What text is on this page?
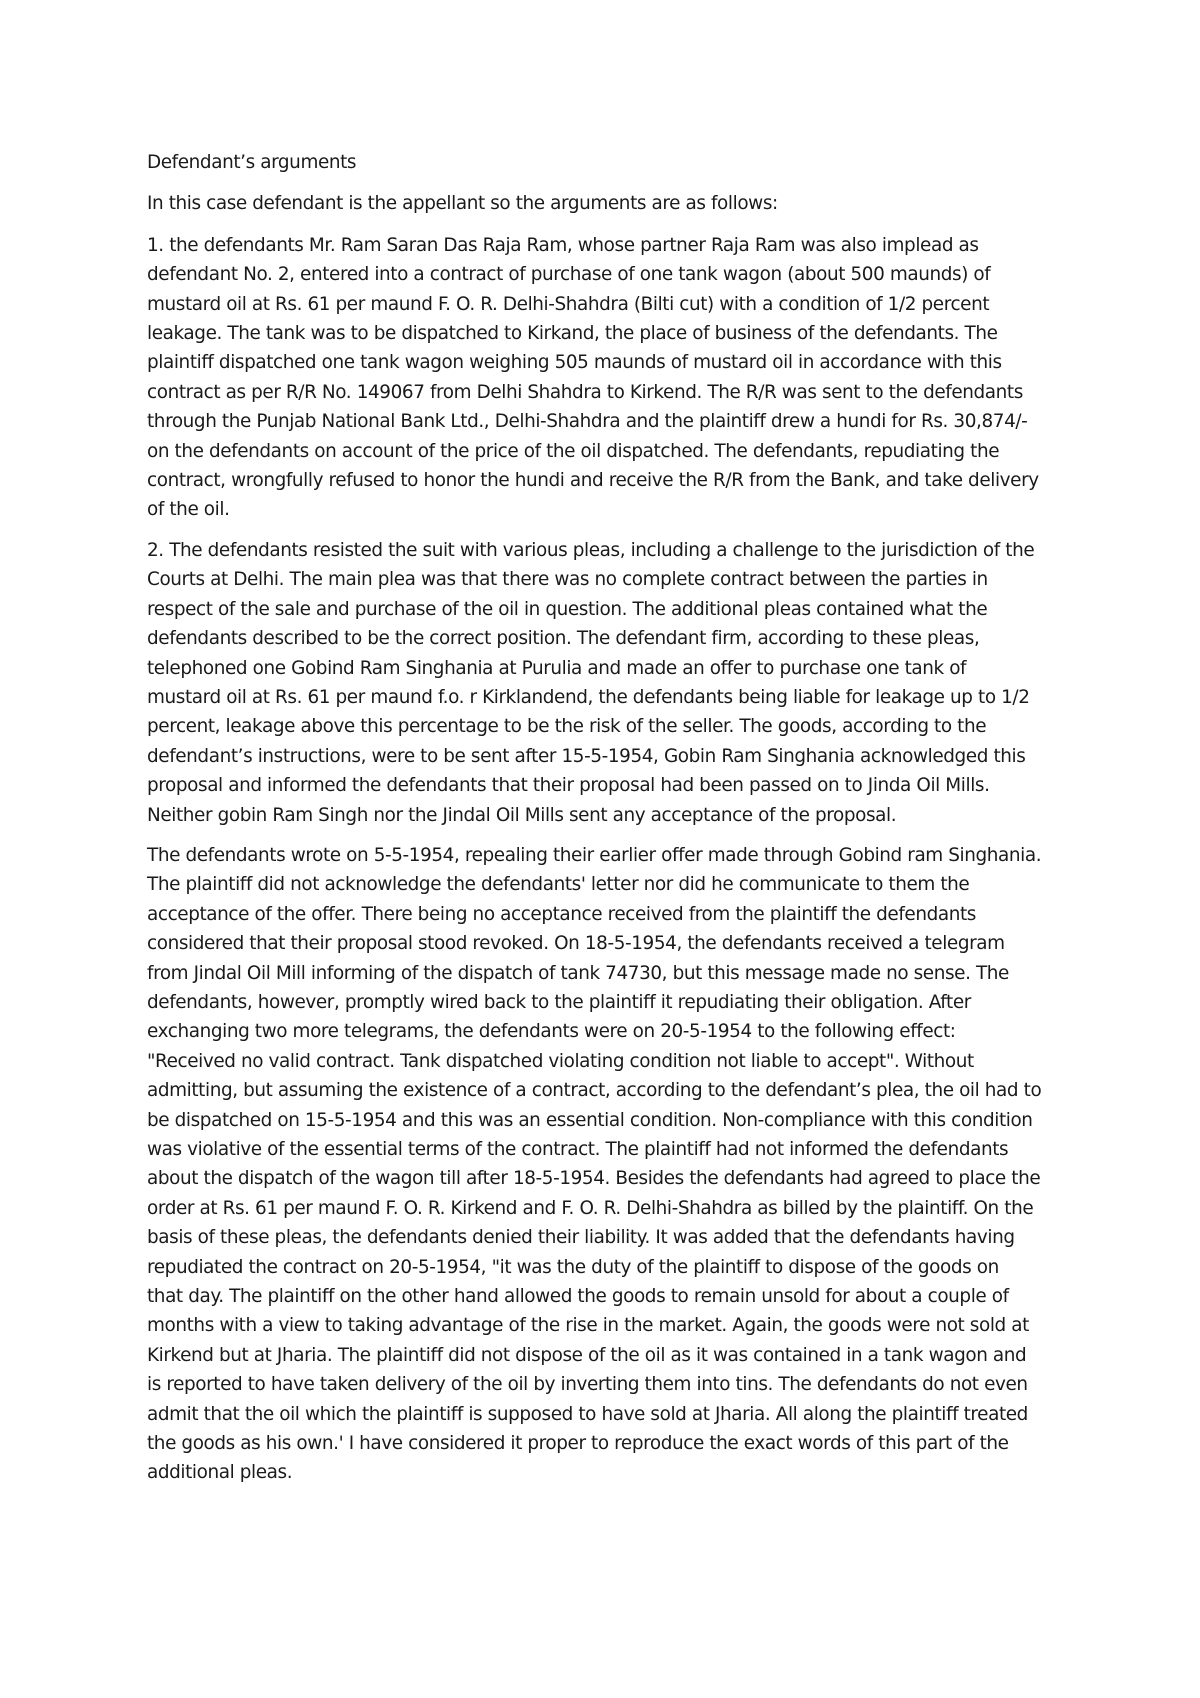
Defendant’s arguments

In this case defendant is the appellant so the arguments are as follows:

1. the defendants Mr. Ram Saran Das Raja Ram, whose partner Raja Ram was also implead as

defendant No. 2, entered into a contract of purchase of one tank wagon (about 500 maunds) of

mustard oil at Rs. 61 per maund F. O. R. Delhi-Shahdra (Bilti cut) with a condition of 1/2 percent

leakage. The tank was to be dispatched to Kirkand, the place of business of the defendants. The

plaintiff dispatched one tank wagon weighing 505 maunds of mustard oil in accordance with this

contract as per R/R No. 149067 from Delhi Shahdra to Kirkend. The R/R was sent to the defendants

through the Punjab National Bank Ltd., Delhi-Shahdra and the plaintiff drew a hundi for Rs. 30,874/-

on the defendants on account of the price of the oil dispatched. The defendants, repudiating the

contract, wrongfully refused to honor the hundi and receive the R/R from the Bank, and take delivery

of the oil.

2. The defendants resisted the suit with various pleas, including a challenge to the jurisdiction of the

Courts at Delhi. The main plea was that there was no complete contract between the parties in

respect of the sale and purchase of the oil in question. The additional pleas contained what the

defendants described to be the correct position. The defendant firm, according to these pleas,

telephoned one Gobind Ram Singhania at Purulia and made an offer to purchase one tank of

mustard oil at Rs. 61 per maund f.o. r Kirklandend, the defendants being liable for leakage up to 1/2

percent, leakage above this percentage to be the risk of the seller. The goods, according to the

defendant’s instructions, were to be sent after 15-5-1954, Gobin Ram Singhania acknowledged this

proposal and informed the defendants that their proposal had been passed on to Jinda Oil Mills.

Neither gobin Ram Singh nor the Jindal Oil Mills sent any acceptance of the proposal.

The defendants wrote on 5-5-1954, repealing their earlier offer made through Gobind ram Singhania.

The plaintiff did not acknowledge the defendants' letter nor did he communicate to them the

acceptance of the offer. There being no acceptance received from the plaintiff the defendants

considered that their proposal stood revoked. On 18-5-1954, the defendants received a telegram

from Jindal Oil Mill informing of the dispatch of tank 74730, but this message made no sense. The

defendants, however, promptly wired back to the plaintiff it repudiating their obligation. After

exchanging two more telegrams, the defendants were on 20-5-1954 to the following effect:

"Received no valid contract. Tank dispatched violating condition not liable to accept". Without

admitting, but assuming the existence of a contract, according to the defendant’s plea, the oil had to

be dispatched on 15-5-1954 and this was an essential condition. Non-compliance with this condition

was violative of the essential terms of the contract. The plaintiff had not informed the defendants

about the dispatch of the wagon till after 18-5-1954. Besides the defendants had agreed to place the

order at Rs. 61 per maund F. O. R. Kirkend and F. O. R. Delhi-Shahdra as billed by the plaintiff. On the

basis of these pleas, the defendants denied their liability. It was added that the defendants having

repudiated the contract on 20-5-1954, "it was the duty of the plaintiff to dispose of the goods on

that day. The plaintiff on the other hand allowed the goods to remain unsold for about a couple of

months with a view to taking advantage of the rise in the market. Again, the goods were not sold at

Kirkend but at Jharia. The plaintiff did not dispose of the oil as it was contained in a tank wagon and

is reported to have taken delivery of the oil by inverting them into tins. The defendants do not even

admit that the oil which the plaintiff is supposed to have sold at Jharia. All along the plaintiff treated

the goods as his own.' I have considered it proper to reproduce the exact words of this part of the

additional pleas.
